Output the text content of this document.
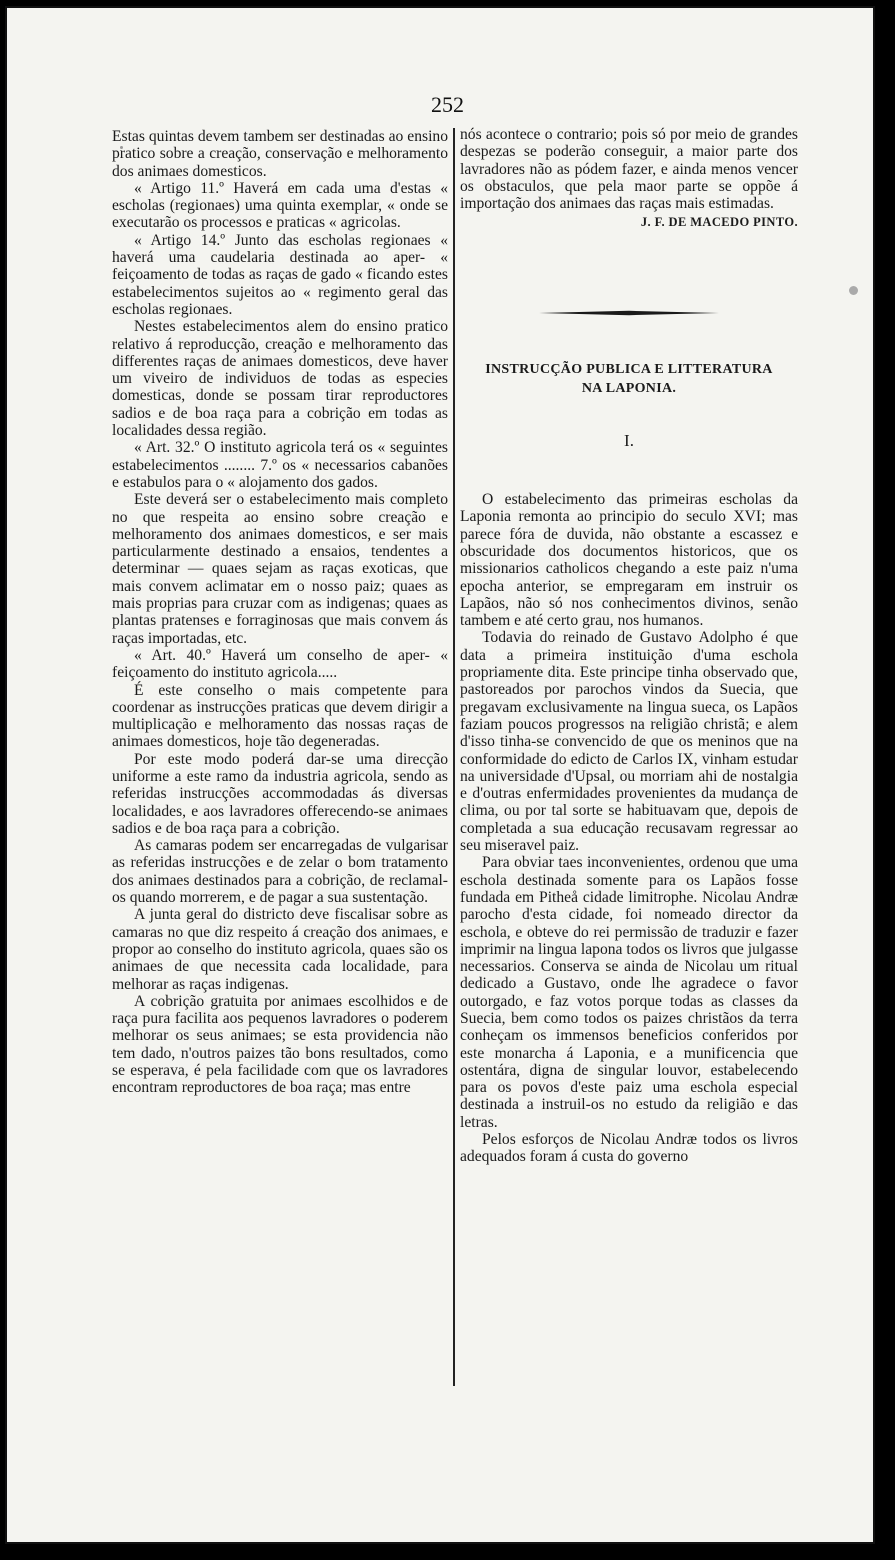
252

Estas quintas devem tambem ser destinadas ao ensino pratico sobre a creação, conservação e melhoramento dos animaes domesticos.

« Artigo 11.º Haverá em cada uma d'estas « escholas (regionaes) uma quinta exemplar, « onde se executarão os processos e praticas « agricolas.

« Artigo 14.º Junto das escholas regionaes « haverá uma caudelaria destinada ao aper- « feiçoamento de todas as raças de gado « ficando estes estabelecimentos sujeitos ao « regimento geral das escholas regionaes.

Nestes estabelecimentos alem do ensino pratico relativo á reproducção, creação e melhoramento das differentes raças de animaes domesticos, deve haver um viveiro de individuos de todas as especies domesticas, donde se possam tirar reproductores sadios e de boa raça para a cobrição em todas as localidades dessa região.

« Art. 32.º O instituto agricola terá os « seguintes estabelecimentos ........ 7.º os « necessarios cabanões e estabulos para o « alojamento dos gados.

Este deverá ser o estabelecimento mais completo no que respeita ao ensino sobre creação e melhoramento dos animaes domesticos, e ser mais particularmente destinado a ensaios, tendentes a determinar — quaes sejam as raças exoticas, que mais convem aclimatar em o nosso paiz; quaes as mais proprias para cruzar com as indigenas; quaes as plantas pratenses e forraginosas que mais convem ás raças importadas, etc.

« Art. 40.º Haverá um conselho de aper- « feiçoamento do instituto agricola.....

É este conselho o mais competente para coordenar as instrucções praticas que devem dirigir a multiplicação e melhoramento das nossas raças de animaes domesticos, hoje tão degeneradas.

Por este modo poderá dar-se uma direcção uniforme a este ramo da industria agricola, sendo as referidas instrucções accommodadas ás diversas localidades, e aos lavradores offerecendo-se animaes sadios e de boa raça para a cobrição.

As camaras podem ser encarregadas de vulgarisar as referidas instrucções e de zelar o bom tratamento dos animaes destinados para a cobrição, de reclamal-os quando morrerem, e de pagar a sua sustentação.

A junta geral do districto deve fiscalisar sobre as camaras no que diz respeito á creação dos animaes, e propor ao conselho do instituto agricola, quaes são os animaes de que necessita cada localidade, para melhorar as raças indigenas.

A cobrição gratuita por animaes escolhidos e de raça pura facilita aos pequenos lavradores o poderem melhorar os seus animaes; se esta providencia não tem dado, n'outros paizes tão bons resultados, como se esperava, é pela facilidade com que os lavradores encontram reproductores de boa raça; mas entre

nós acontece o contrario; pois só por meio de grandes despezas se poderão conseguir, a maior parte dos lavradores não as pódem fazer, e ainda menos vencer os obstaculos, que pela maor parte se oppõe á importação dos animaes das raças mais estimadas.

J. F. DE MACEDO PINTO.
INSTRUCÇÃO PUBLICA E LITTERATURA
NA LAPONIA.
I.

O estabelecimento das primeiras escholas da Laponia remonta ao principio do seculo XVI; mas parece fóra de duvida, não obstante a escassez e obscuridade dos documentos historicos, que os missionarios catholicos chegando a este paiz n'uma epocha anterior, se empregaram em instruir os Lapãos, não só nos conhecimentos divinos, senão tambem e até certo grau, nos humanos.

Todavia do reinado de Gustavo Adolpho é que data a primeira instituição d'uma eschola propriamente dita. Este principe tinha observado que, pastoreados por parochos vindos da Suecia, que pregavam exclusivamente na lingua sueca, os Lapãos faziam poucos progressos na religião christã; e alem d'isso tinha-se convencido de que os meninos que na conformidade do edicto de Carlos IX, vinham estudar na universidade d'Upsal, ou morriam ahi de nostalgia e d'outras enfermidades provenientes da mudança de clima, ou por tal sorte se habituavam que, depois de completada a sua educação recusavam regressar ao seu miseravel paiz.

Para obviar taes inconvenientes, ordenou que uma eschola destinada somente para os Lapãos fosse fundada em Pitheå cidade limitrophe. Nicolau Andræ parocho d'esta cidade, foi nomeado director da eschola, e obteve do rei permissão de traduzir e fazer imprimir na lingua lapona todos os livros que julgasse necessarios. Conserva se ainda de Nicolau um ritual dedicado a Gustavo, onde lhe agradece o favor outorgado, e faz votos porque todas as classes da Suecia, bem como todos os paizes christãos da terra conheçam os immensos beneficios conferidos por este monarcha á Laponia, e a munificencia que ostentára, digna de singular louvor, estabelecendo para os povos d'este paiz uma eschola especial destinada a instruil-os no estudo da religião e das letras.

Pelos esforços de Nicolau Andræ todos os livros adequados foram á custa do governo
